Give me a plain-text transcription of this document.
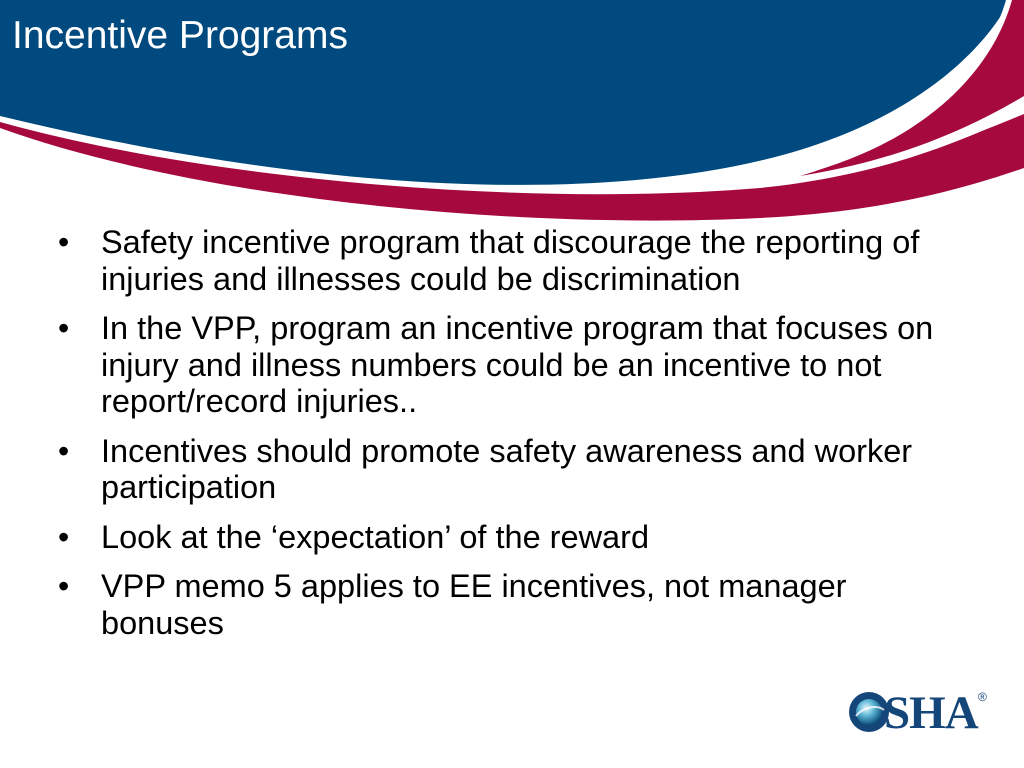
Incentive Programs
• Safety incentive program that discourage the reporting of injuries and illnesses could be discrimination
• In the VPP, program an incentive program that focuses on injury and illness numbers could be an incentive to not report/record injuries..
• Incentives should promote safety awareness and worker participation
• Look at the ‘expectation’ of the reward
• VPP memo 5 applies to EE incentives, not manager bonuses
SHA ®
